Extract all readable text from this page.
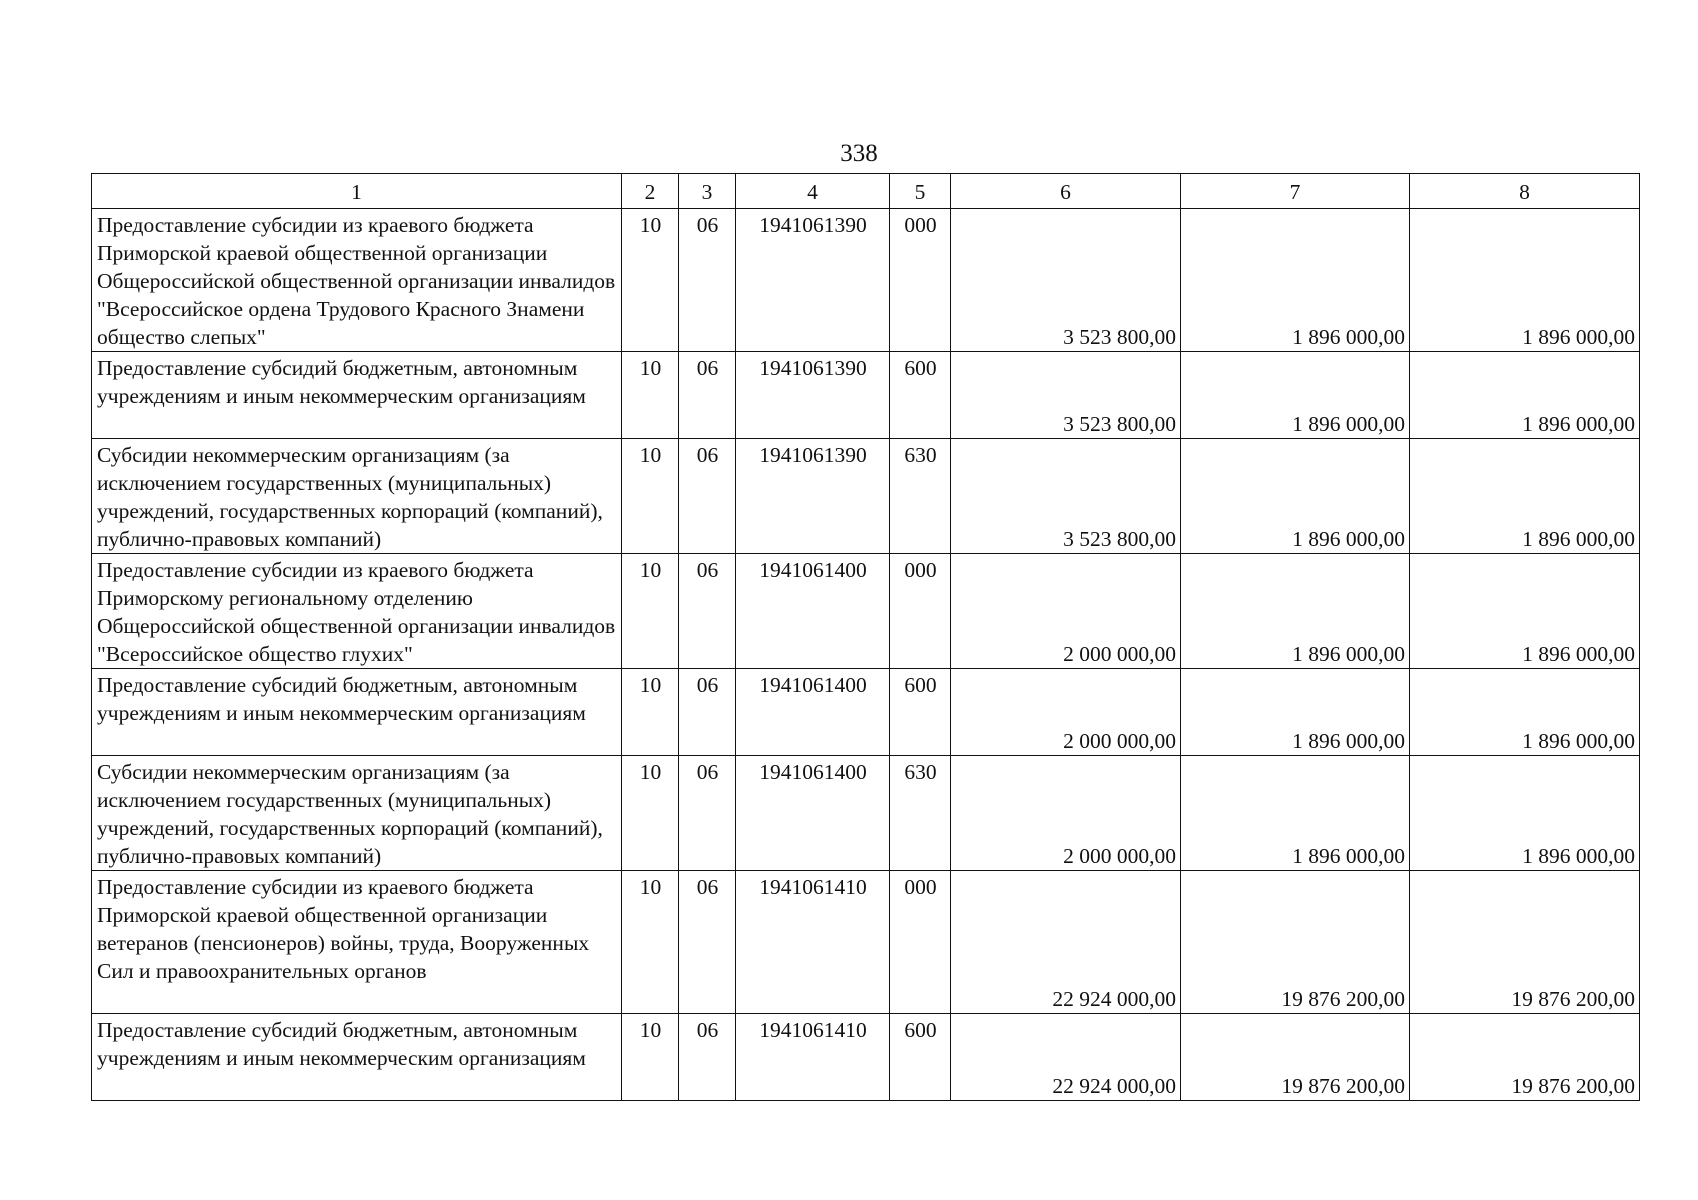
338
1	2	3	4	5	6	7	8
Предоставление субсидии из краевого бюджета Приморской краевой общественной организации Общероссийской общественной организации инвалидов "Всероссийское ордена Трудового Красного Знамени общество слепых"	10	06	1941061390	000	3 523 800,00	1 896 000,00	1 896 000,00
Предоставление субсидий бюджетным, автономным учреждениям и иным некоммерческим организациям	10	06	1941061390	600	3 523 800,00	1 896 000,00	1 896 000,00
Субсидии некоммерческим организациям (за исключением государственных (муниципальных) учреждений, государственных корпораций (компаний), публично-правовых компаний)	10	06	1941061390	630	3 523 800,00	1 896 000,00	1 896 000,00
Предоставление субсидии из краевого бюджета Приморскому региональному отделению Общероссийской общественной организации инвалидов "Всероссийское общество глухих"	10	06	1941061400	000	2 000 000,00	1 896 000,00	1 896 000,00
Предоставление субсидий бюджетным, автономным учреждениям и иным некоммерческим организациям	10	06	1941061400	600	2 000 000,00	1 896 000,00	1 896 000,00
Субсидии некоммерческим организациям (за исключением государственных (муниципальных) учреждений, государственных корпораций (компаний), публично-правовых компаний)	10	06	1941061400	630	2 000 000,00	1 896 000,00	1 896 000,00
Предоставление субсидии из краевого бюджета Приморской краевой общественной организации ветеранов (пенсионеров) войны, труда, Вооруженных Сил и правоохранительных органов	10	06	1941061410	000	22 924 000,00	19 876 200,00	19 876 200,00
Предоставление субсидий бюджетным, автономным учреждениям и иным некоммерческим организациям	10	06	1941061410	600	22 924 000,00	19 876 200,00	19 876 200,00
